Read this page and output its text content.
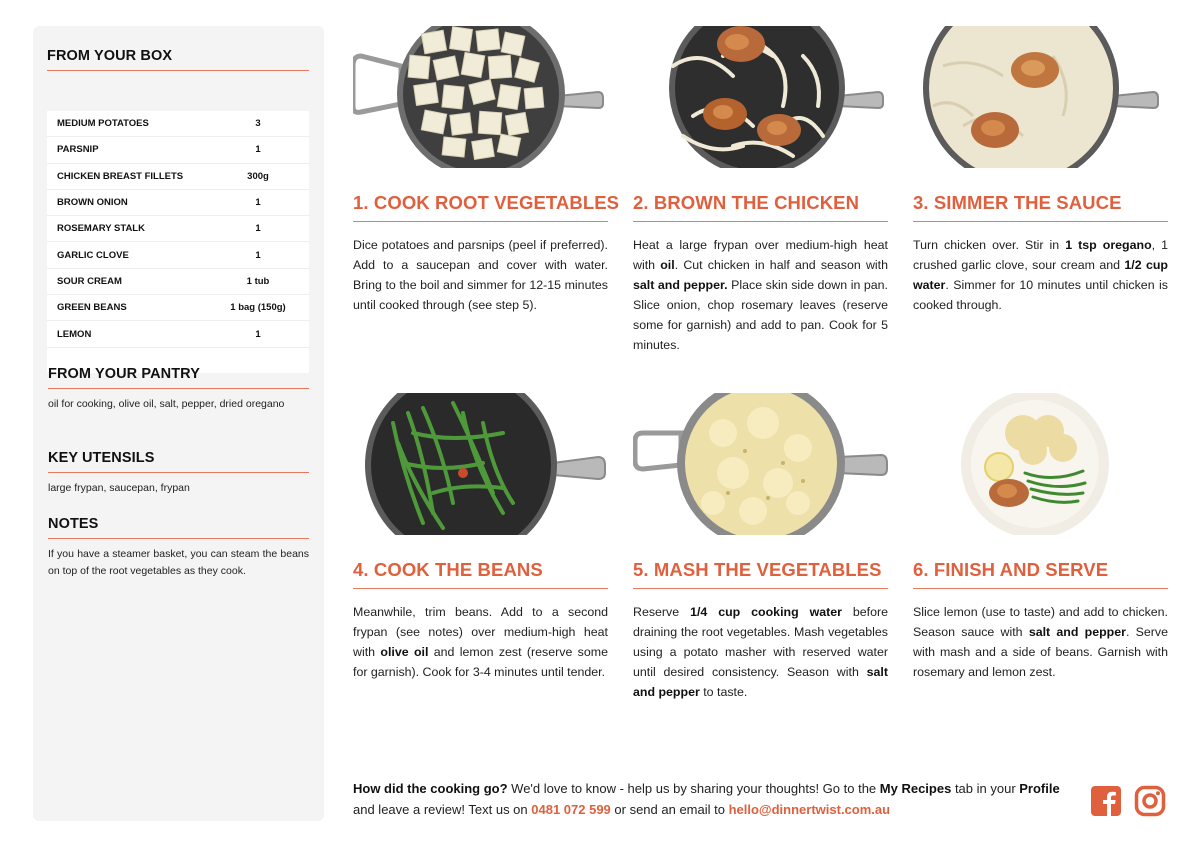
FROM YOUR BOX
MEDIUM POTATOES	3
PARSNIP	1
CHICKEN BREAST FILLETS	300g
BROWN ONION	1
ROSEMARY STALK	1
GARLIC CLOVE	1
SOUR CREAM	1 tub
GREEN BEANS	1 bag (150g)
LEMON	1
FROM YOUR PANTRY
oil for cooking, olive oil, salt, pepper, dried oregano
KEY UTENSILS
large frypan, saucepan, frypan
NOTES
If you have a steamer basket, you can steam the beans on top of the root vegetables as they cook.
1. COOK ROOT VEGETABLES
Dice potatoes and parsnips (peel if preferred). Add to a saucepan and cover with water. Bring to the boil and simmer for 12-15 minutes until cooked through (see step 5).
2. BROWN THE CHICKEN
Heat a large frypan over medium-high heat with oil. Cut chicken in half and season with salt and pepper. Place skin side down in pan. Slice onion, chop rosemary leaves (reserve some for garnish) and add to pan. Cook for 5 minutes.
3. SIMMER THE SAUCE
Turn chicken over. Stir in 1 tsp oregano, 1 crushed garlic clove, sour cream and 1/2 cup water. Simmer for 10 minutes until chicken is cooked through.
4. COOK THE BEANS
Meanwhile, trim beans. Add to a second frypan (see notes) over medium-high heat with olive oil and lemon zest (reserve some for garnish). Cook for 3-4 minutes until tender.
5. MASH THE VEGETABLES
Reserve 1/4 cup cooking water before draining the root vegetables. Mash vegetables using a potato masher with reserved water until desired consistency. Season with salt and pepper to taste.
6. FINISH AND SERVE
Slice lemon (use to taste) and add to chicken. Season sauce with salt and pepper. Serve with mash and a side of beans. Garnish with rosemary and lemon zest.
How did the cooking go? We'd love to know - help us by sharing your thoughts! Go to the My Recipes tab in your Profile and leave a review! Text us on 0481 072 599 or send an email to hello@dinnertwist.com.au
